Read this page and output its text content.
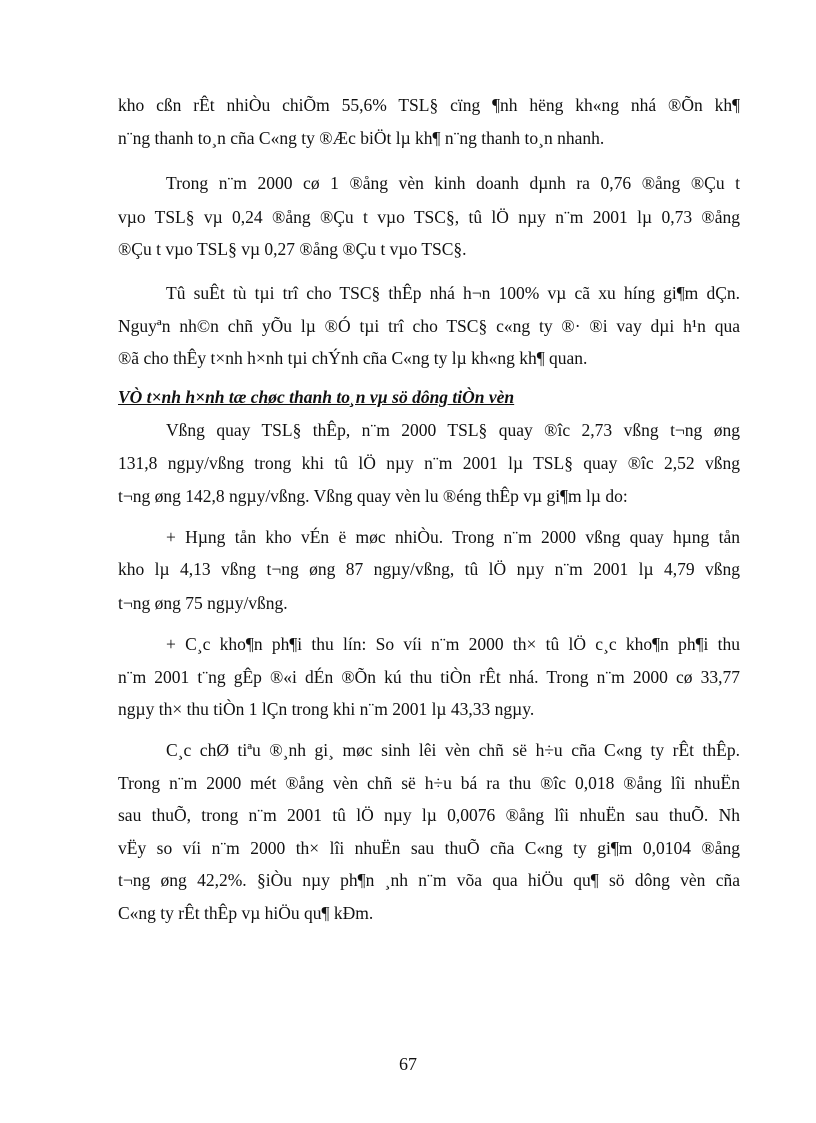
kho cßn rÊt nhiÒu chiÕm 55,6% TSL§ cïng ¶nh hëng kh«ng nhá ®Õn kh¶
n¨ng thanh to¸n cña C«ng ty ®Æc biÖt lµ kh¶ n¨ng thanh to¸n nhanh.
Trong n¨m 2000 cø 1 ®ång vèn kinh doanh dµnh ra 0,76 ®ång ®Çu t
vµo TSL§ vµ 0,24 ®ång ®Çu t vµo TSC§, tû lÖ nµy n¨m 2001 lµ 0,73 ®ång
®Çu t vµo TSL§ vµ 0,27 ®ång ®Çu t vµo TSC§.
Tû suÊt tù tµi trî cho TSC§ thÊp nhá h¬n 100% vµ cã xu híng gi¶m dÇn.
Nguyªn nh©n chñ yÕu lµ ®Ó tµi trî cho TSC§ c«ng ty ®· ®i vay dµi h¹n qua
®ã cho thÊy t×nh h×nh tµi chÝnh cña C«ng ty lµ kh«ng kh¶ quan.
VÒ t×nh h×nh tæ chøc thanh to¸n vµ sö dông tiÒn vèn
Vßng quay TSL§ thÊp, n¨m 2000 TSL§ quay ®îc 2,73 vßng t¬ng øng
131,8 ngµy/vßng trong khi tû lÖ nµy n¨m 2001 lµ TSL§ quay ®îc 2,52 vßng
t¬ng øng 142,8 ngµy/vßng. Vßng quay vèn lu ®éng thÊp vµ gi¶m lµ do:
+ Hµng tån kho vÉn ë møc nhiÒu. Trong n¨m 2000 vßng quay hµng tån
kho lµ 4,13 vßng t¬ng øng 87 ngµy/vßng, tû lÖ nµy n¨m 2001 lµ 4,79 vßng
t¬ng øng 75 ngµy/vßng.
+ C¸c kho¶n ph¶i thu lín: So víi n¨m 2000 th× tû lÖ c¸c kho¶n ph¶i thu
n¨m 2001 t¨ng gÊp ®«i dÉn ®Õn kú thu tiÒn rÊt nhá. Trong n¨m 2000 cø 33,77
ngµy th× thu tiÒn 1 lÇn trong khi n¨m 2001 lµ 43,33 ngµy.
C¸c chØ tiªu ®¸nh gi¸ møc sinh lêi vèn chñ së h÷u cña C«ng ty rÊt thÊp.
Trong n¨m 2000 mét ®ång vèn chñ së h÷u bá ra thu ®îc 0,018 ®ång lîi nhuËn
sau thuÕ, trong n¨m 2001 tû lÖ nµy lµ 0,0076 ®ång lîi nhuËn sau thuÕ. Nh
vËy so víi n¨m 2000 th× lîi nhuËn sau thuÕ cña C«ng ty gi¶m 0,0104 ®ång
t¬ng øng 42,2%. §iÒu nµy ph¶n ¸nh n¨m võa qua hiÖu qu¶ sö dông vèn cña
C«ng ty rÊt thÊp vµ hiÖu qu¶ kÐm.
67
